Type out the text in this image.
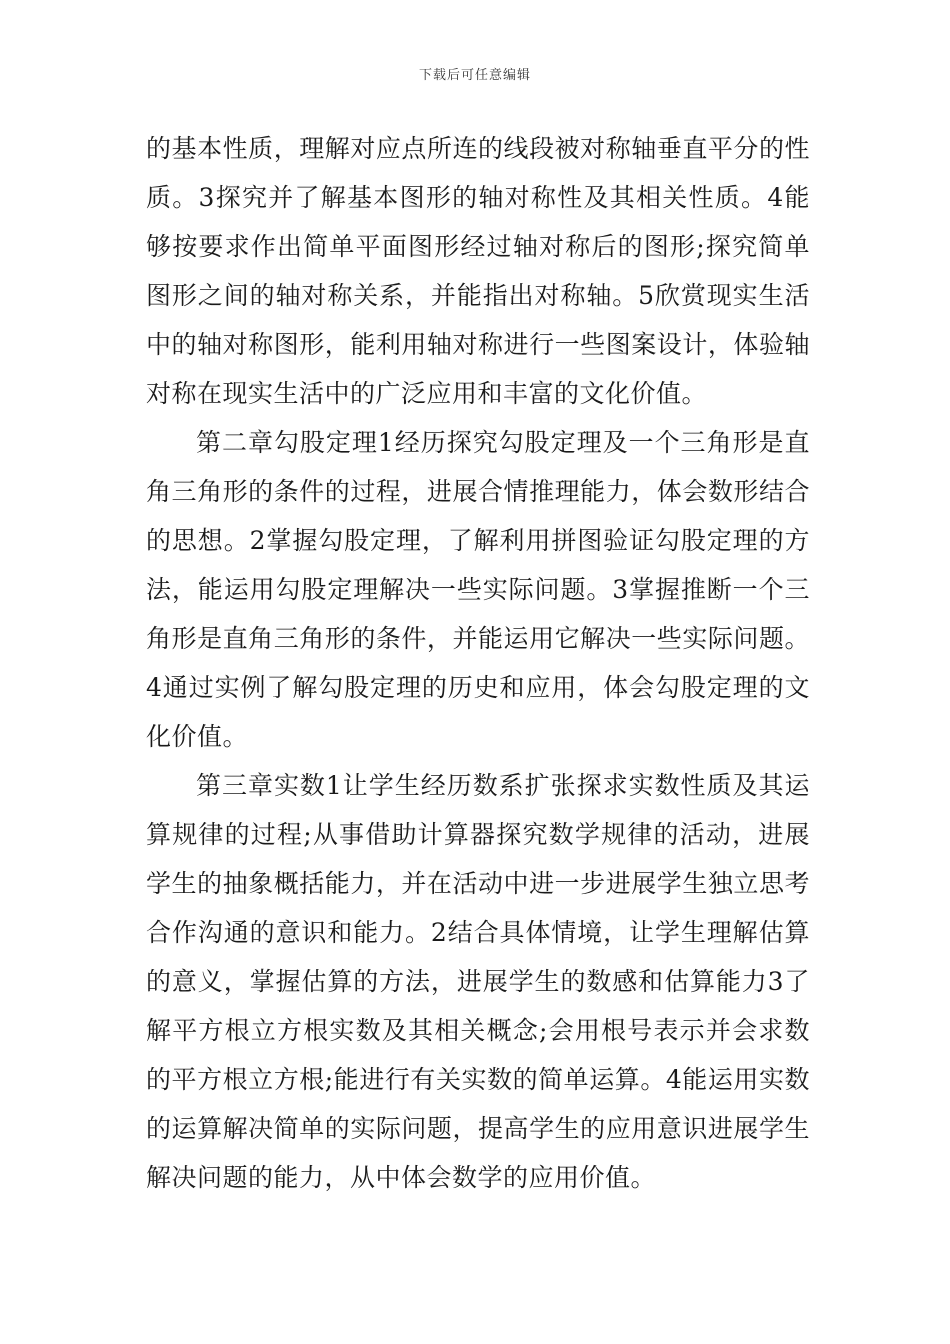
下载后可任意编辑

的基本性质，理解对应点所连的线段被对称轴垂直平分的性质。3探究并了解基本图形的轴对称性及其相关性质。4能够按要求作出简单平面图形经过轴对称后的图形;探究简单图形之间的轴对称关系，并能指出对称轴。5欣赏现实生活中的轴对称图形，能利用轴对称进行一些图案设计，体验轴对称在现实生活中的广泛应用和丰富的文化价值。

第二章勾股定理1经历探究勾股定理及一个三角形是直角三角形的条件的过程，进展合情推理能力，体会数形结合的思想。2掌握勾股定理，了解利用拼图验证勾股定理的方法，能运用勾股定理解决一些实际问题。3掌握推断一个三角形是直角三角形的条件，并能运用它解决一些实际问题。4通过实例了解勾股定理的历史和应用，体会勾股定理的文化价值。

第三章实数1让学生经历数系扩张探求实数性质及其运算规律的过程;从事借助计算器探究数学规律的活动，进展学生的抽象概括能力，并在活动中进一步进展学生独立思考合作沟通的意识和能力。2结合具体情境，让学生理解估算的意义，掌握估算的方法，进展学生的数感和估算能力3了解平方根立方根实数及其相关概念;会用根号表示并会求数的平方根立方根;能进行有关实数的简单运算。4能运用实数的运算解决简单的实际问题，提高学生的应用意识进展学生解决问题的能力，从中体会数学的应用价值。
